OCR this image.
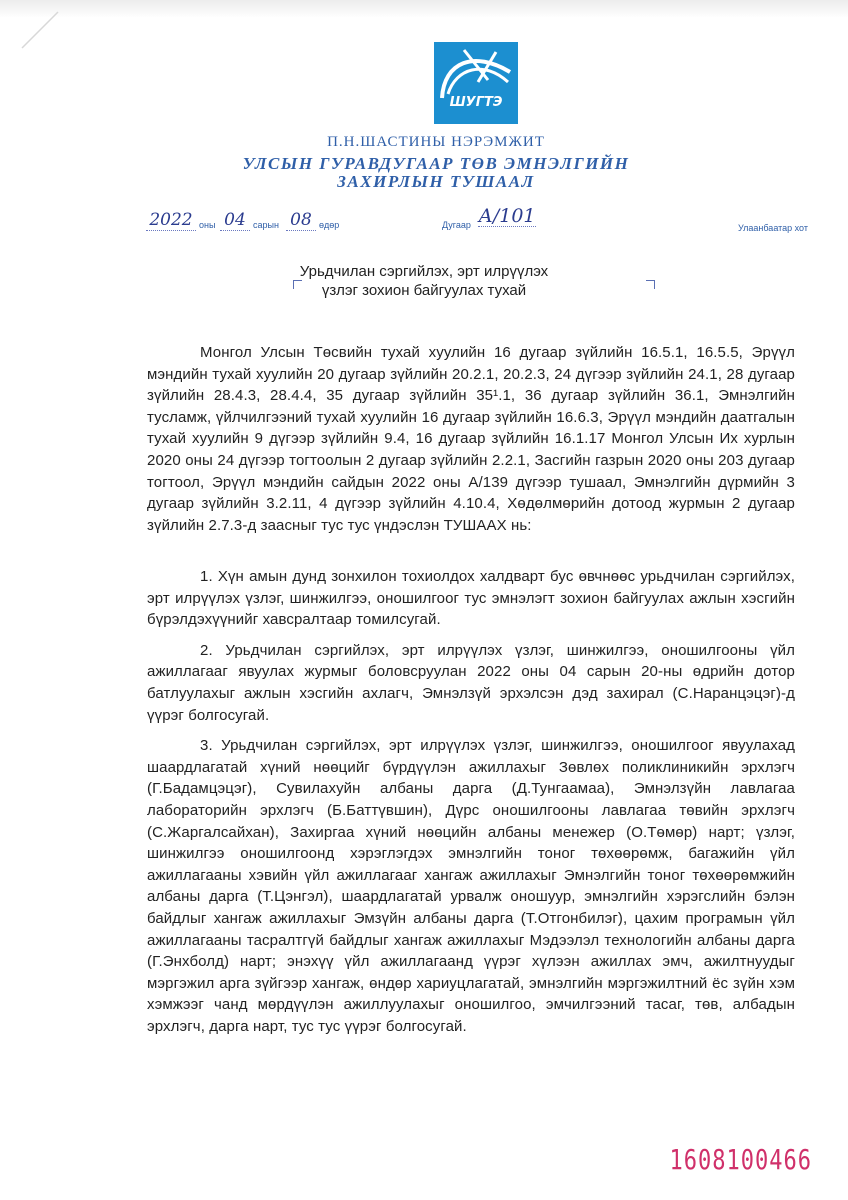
ШУГТЭ
П.Н.ШАСТИНЫ НЭРЭМЖИТ
УЛСЫН ГУРАВДУГААР ТӨВ ЭМНЭЛГИЙН
ЗАХИРЛЫН ТУШААЛ
2022 оны 04 сарын 08 өдөр	Дугаар А/101
Улаанбаатар хот
Урьдчилан сэргийлэх, эрт илрүүлэх
үзлэг зохион байгуулах тухай

Монгол Улсын Төсвийн тухай хуулийн 16 дугаар зүйлийн 16.5.1, 16.5.5, Эрүүл мэндийн тухай хуулийн 20 дугаар зүйлийн 20.2.1, 20.2.3, 24 дүгээр зүйлийн 24.1, 28 дугаар зүйлийн 28.4.3, 28.4.4, 35 дугаар зүйлийн 35¹.1, 36 дугаар зүйлийн 36.1, Эмнэлгийн тусламж, үйлчилгээний тухай хуулийн 16 дугаар зүйлийн 16.6.3, Эрүүл мэндийн даатгалын тухай хуулийн 9 дүгээр зүйлийн 9.4, 16 дугаар зүйлийн 16.1.17 Монгол Улсын Их хурлын 2020 оны 24 дүгээр тогтоолын 2 дугаар зүйлийн 2.2.1, Засгийн газрын 2020 оны 203 дугаар тогтоол, Эрүүл мэндийн сайдын 2022 оны А/139 дүгээр тушаал, Эмнэлгийн дүрмийн 3 дугаар зүйлийн 3.2.11, 4 дүгээр зүйлийн 4.10.4, Хөдөлмөрийн дотоод журмын 2 дугаар зүйлийн 2.7.3-д заасныг тус тус үндэслэн ТУШААХ нь:

1. Хүн амын дунд зонхилон тохиолдох халдварт бус өвчнөөс урьдчилан сэргийлэх, эрт илрүүлэх үзлэг, шинжилгээ, оношилгоог тус эмнэлэгт зохион байгуулах ажлын хэсгийн бүрэлдэхүүнийг хавсралтаар томилсугай.

2. Урьдчилан сэргийлэх, эрт илрүүлэх үзлэг, шинжилгээ, оношилгооны үйл ажиллагааг явуулах журмыг боловсруулан 2022 оны 04 сарын 20-ны өдрийн дотор батлуулахыг ажлын хэсгийн ахлагч, Эмнэлзүй эрхэлсэн дэд захирал (С.Наранцэцэг)-д үүрэг болгосугай.

3. Урьдчилан сэргийлэх, эрт илрүүлэх үзлэг, шинжилгээ, оношилгоог явуулахад шаардлагатай хүний нөөцийг бүрдүүлэн ажиллахыг Зөвлөх поликлиникийн эрхлэгч (Г.Бадамцэцэг), Сувилахуйн албаны дарга (Д.Тунгаамаа), Эмнэлзүйн лавлагаа лабораторийн эрхлэгч (Б.Баттүвшин), Дүрс оношилгооны лавлагаа төвийн эрхлэгч (С.Жаргалсайхан), Захиргаа хүний нөөцийн албаны менежер (О.Төмөр) нарт; үзлэг, шинжилгээ оношилгоонд хэрэглэгдэх эмнэлгийн тоног төхөөрөмж, багажийн үйл ажиллагааны хэвийн үйл ажиллагааг хангаж ажиллахыг Эмнэлгийн тоног төхөөрөмжийн албаны дарга (Т.Цэнгэл), шаардлагатай урвалж оношуур, эмнэлгийн хэрэгслийн бэлэн байдлыг хангаж ажиллахыг Эмзүйн албаны дарга (Т.Отгонбилэг), цахим програмын үйл ажиллагааны тасралтгүй байдлыг хангаж ажиллахыг Мэдээлэл технологийн албаны дарга (Г.Энхболд) нарт; энэхүү үйл ажиллагаанд үүрэг хүлээн ажиллах эмч, ажилтнуудыг мэргэжил арга зүйгээр хангаж, өндөр хариуцлагатай, эмнэлгийн мэргэжилтний ёс зүйн хэм хэмжээг чанд мөрдүүлэн ажиллуулахыг оношилгоо, эмчилгээний тасаг, төв, албадын эрхлэгч, дарга нарт, тус тус үүрэг болгосугай.

1608100466
